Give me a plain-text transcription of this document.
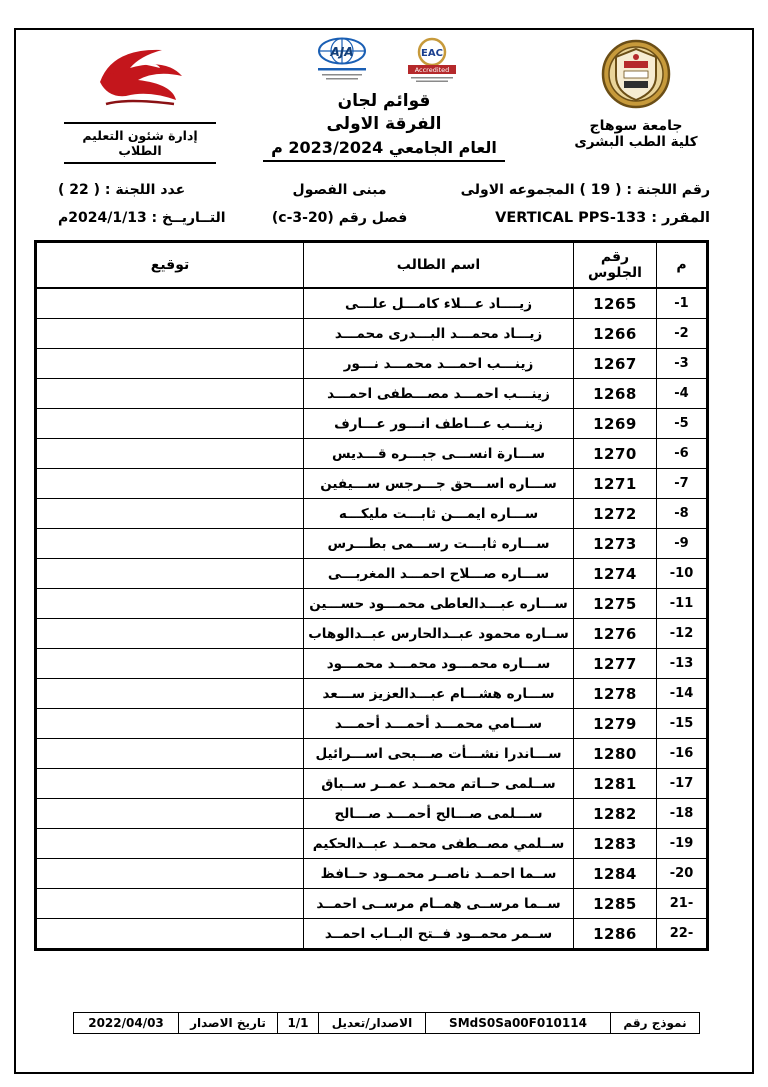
جامعة سوهاج
كلية الطب البشرى
EAC
Accredited
AJA
قوائم لجان
الفرقة الاولى
العام الجامعي 2023/2024 م
إدارة شئون التعليم الطلاب
رقم اللجنة : ( 19 ) المجموعه الاولى
المقرر : VERTICAL PPS-133
مبنى الفصول
فصل رقم (20-3-c)
عدد اللجنة : ( 22 )
التــاريــخ : 2024/1/13م
م	رقم الجلوس	اسم الطالب	توقيع
-1	1265	زيــــاد عـــلاء كامـــل علـــى	
-2	1266	زيـــاد محمـــد البـــدرى محمـــد	
-3	1267	زينـــب احمـــد محمـــد نـــور	
-4	1268	زينـــب احمـــد مصـــطفى احمـــد	
-5	1269	زينـــب عـــاطف انـــور عـــارف	
-6	1270	ســـارة انســـى جبـــره قـــديس	
-7	1271	ســـاره اســـحق جـــرجس ســـيفين	
-8	1272	ســـاره ايمـــن ثابـــت مليكـــه	
-9	1273	ســـاره ثابـــت رســـمى بطـــرس	
-10	1274	ســـاره صـــلاح احمـــد المغربـــى	
-11	1275	ســـاره عبـــدالعاطى محمـــود حســـين	
-12	1276	ســاره محمود عبــدالحارس عبــدالوهاب	
-13	1277	ســـاره محمـــود محمـــد محمـــود	
-14	1278	ســـاره هشـــام عبـــدالعزيز ســـعد	
-15	1279	ســـامي محمـــد أحمـــد أحمـــد	
-16	1280	ســـاندرا نشـــأت صـــبحى اســـرائيل	
-17	1281	ســلمى حــاتم محمــد عمــر ســباق	
-18	1282	ســـلمى صـــالح أحمـــد صـــالح	
-19	1283	ســلمي مصــطفى محمــد عبــدالحكيم	
-20	1284	ســما احمــد ناصــر محمــود حــافظ	
21-	1285	ســما مرســى همــام مرســى احمــد	
22-	1286	ســمر محمــود فــتح البــاب احمــد	
نموذج رقم
SMdS0Sa00F010114
الاصدار/تعديل
1/1
تاريخ الاصدار
2022/04/03
